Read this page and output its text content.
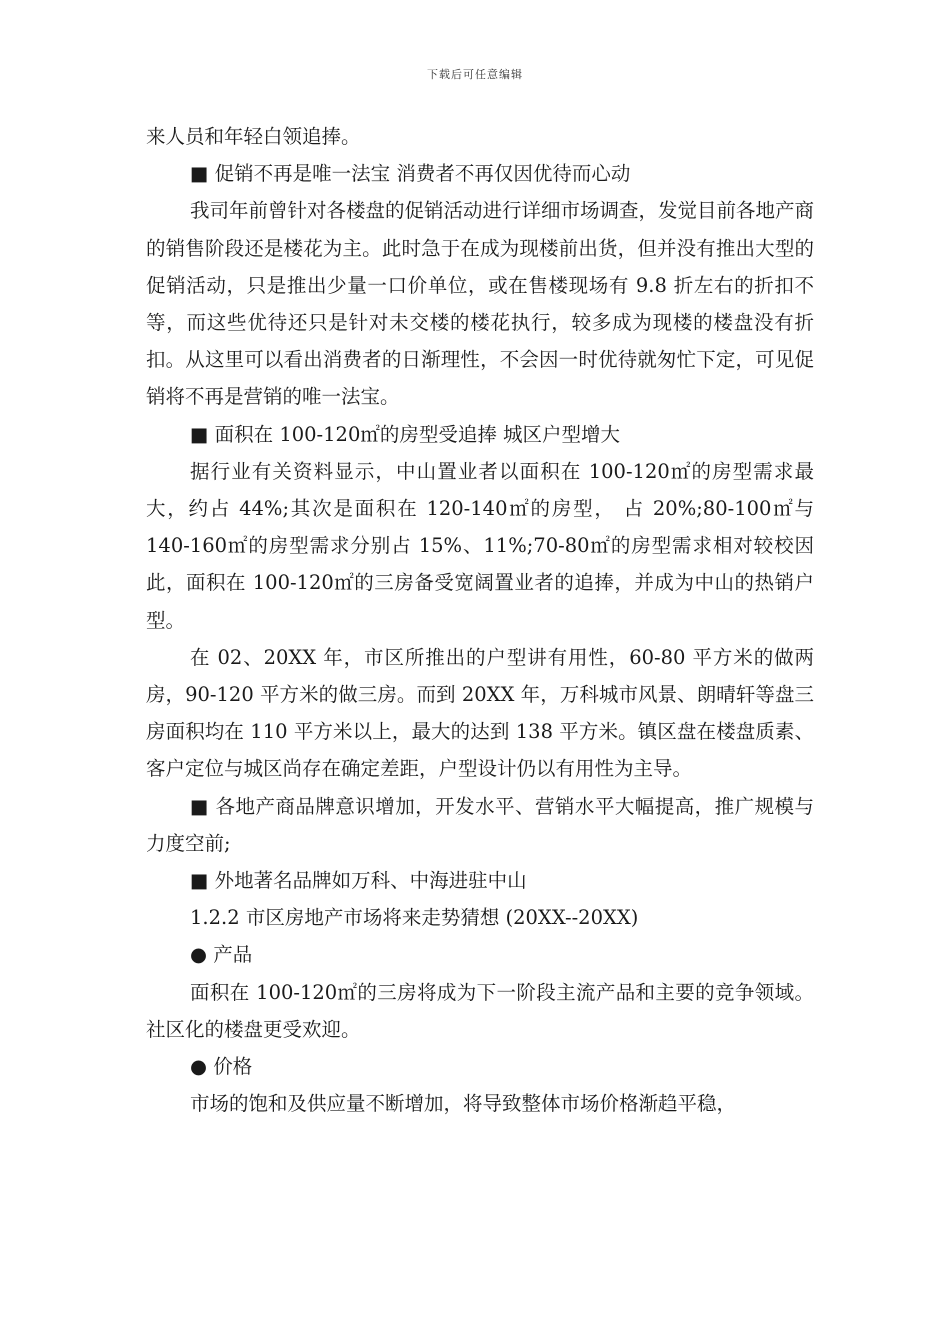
下载后可任意编辑

来人员和年轻白领追捧。

■ 促销不再是唯一法宝 消费者不再仅因优待而心动

我司年前曾针对各楼盘的促销活动进行详细市场调查，发觉目前各地产商的销售阶段还是楼花为主。此时急于在成为现楼前出货，但并没有推出大型的促销活动，只是推出少量一口价单位，或在售楼现场有 9.8 折左右的折扣不等，而这些优待还只是针对未交楼的楼花执行，较多成为现楼的楼盘没有折扣。从这里可以看出消费者的日渐理性，不会因一时优待就匆忙下定，可见促销将不再是营销的唯一法宝。

■ 面积在 100-120㎡的房型受追捧 城区户型增大

据行业有关资料显示，中山置业者以面积在 100-120㎡的房型需求最大，约占 44%;其次是面积在 120-140㎡的房型， 占 20%;80-100㎡与 140-160㎡的房型需求分别占 15%、11%;70-80㎡的房型需求相对较校因此，面积在 100-120㎡的三房备受宽阔置业者的追捧，并成为中山的热销户型。

在 02、20XX 年，市区所推出的户型讲有用性，60-80 平方米的做两房，90-120 平方米的做三房。而到 20XX 年，万科城市风景、朗晴轩等盘三房面积均在 110 平方米以上，最大的达到 138 平方米。镇区盘在楼盘质素、客户定位与城区尚存在确定差距，户型设计仍以有用性为主导。

■ 各地产商品牌意识增加，开发水平、营销水平大幅提高，推广规模与力度空前;

■ 外地著名品牌如万科、中海进驻中山

1.2.2 市区房地产市场将来走势猜想 (20XX--20XX)

● 产品

面积在 100-120㎡的三房将成为下一阶段主流产品和主要的竞争领域。社区化的楼盘更受欢迎。

● 价格

市场的饱和及供应量不断增加，将导致整体市场价格渐趋平稳，
